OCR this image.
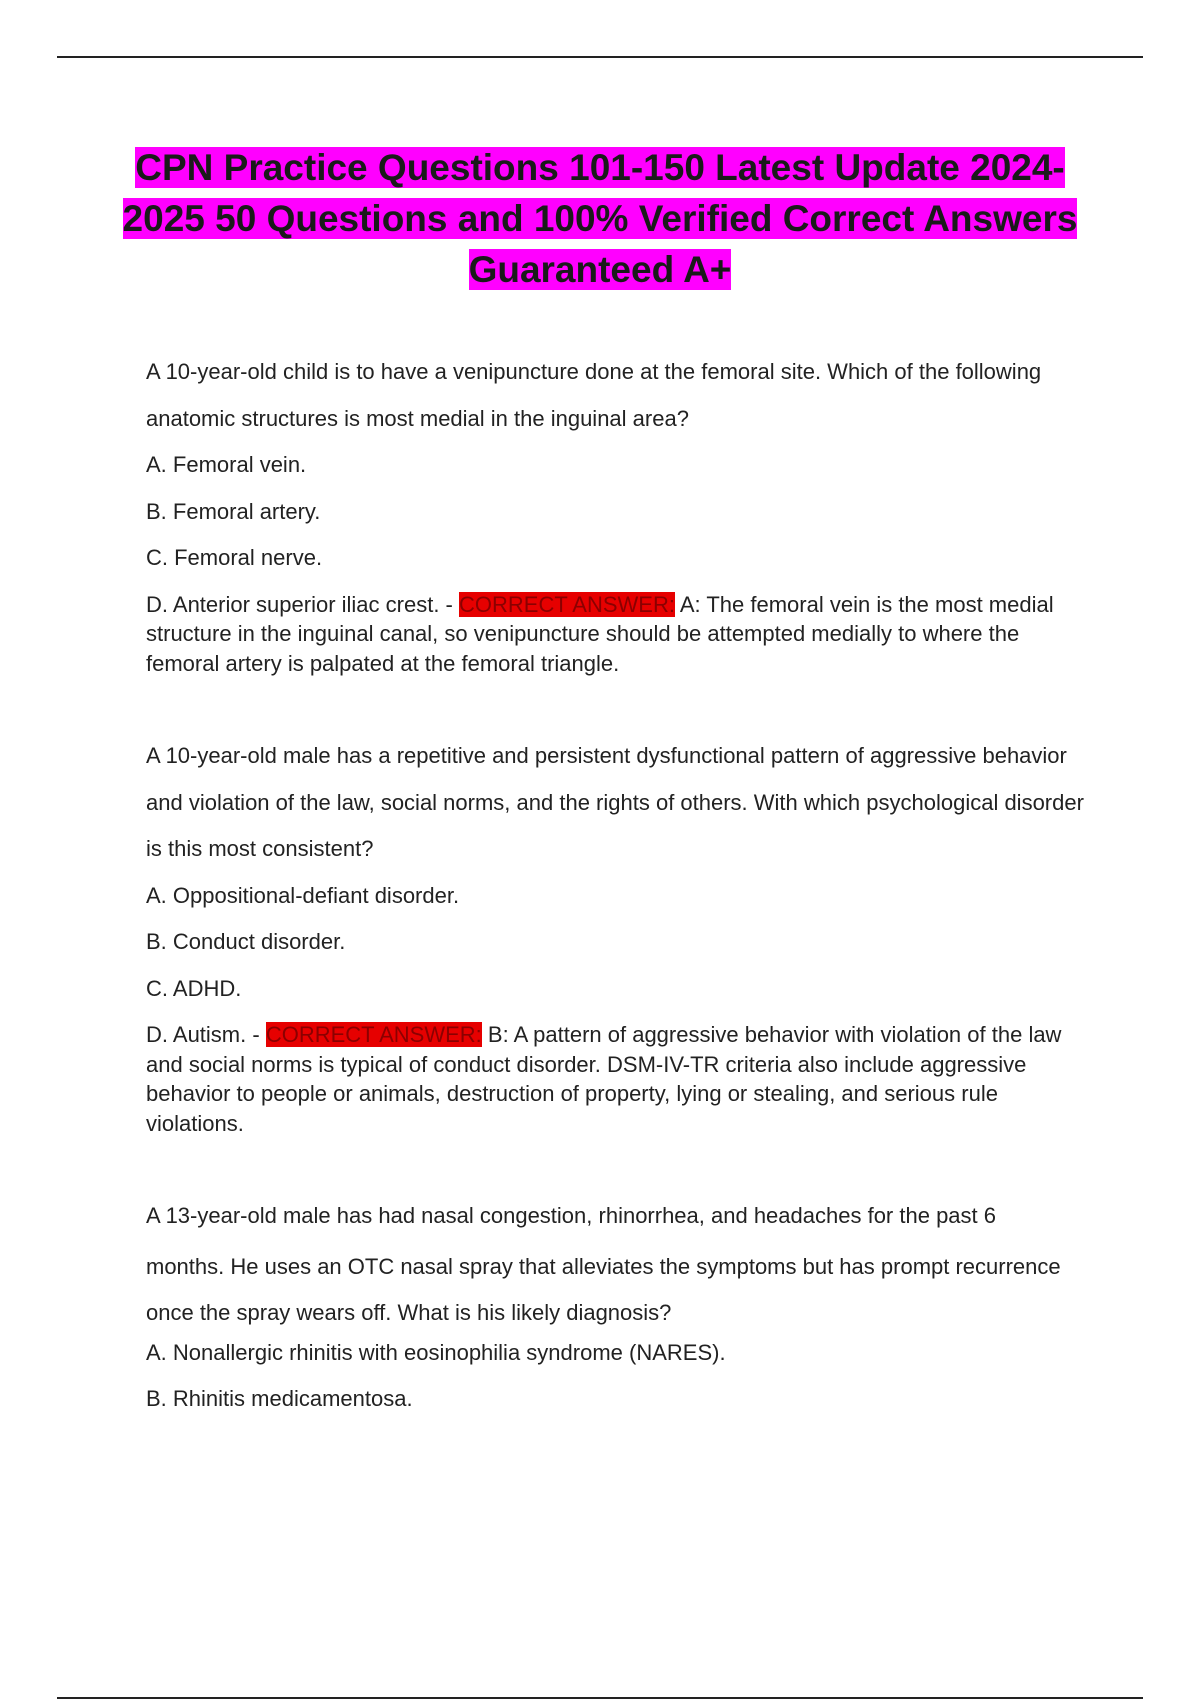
CPN Practice Questions 101-150 Latest Update 2024-2025 50 Questions and 100% Verified Correct Answers Guaranteed A+

A 10-year-old child is to have a venipuncture done at the femoral site. Which of the following anatomic structures is most medial in the inguinal area?

A. Femoral vein.

B. Femoral artery.

C. Femoral nerve.

D. Anterior superior iliac crest. - CORRECT ANSWER: A: The femoral vein is the most medial structure in the inguinal canal, so venipuncture should be attempted medially to where the femoral artery is palpated at the femoral triangle.

A 10-year-old male has a repetitive and persistent dysfunctional pattern of aggressive behavior and violation of the law, social norms, and the rights of others. With which psychological disorder is this most consistent?

A. Oppositional-defiant disorder.

B. Conduct disorder.

C. ADHD.

D. Autism. - CORRECT ANSWER: B: A pattern of aggressive behavior with violation of the law and social norms is typical of conduct disorder. DSM-IV-TR criteria also include aggressive behavior to people or animals, destruction of property, lying or stealing, and serious rule violations.

A 13-year-old male has had nasal congestion, rhinorrhea, and headaches for the past 6

months. He uses an OTC nasal spray that alleviates the symptoms but has prompt recurrence

once the spray wears off. What is his likely diagnosis?

A. Nonallergic rhinitis with eosinophilia syndrome (NARES).

B. Rhinitis medicamentosa.
